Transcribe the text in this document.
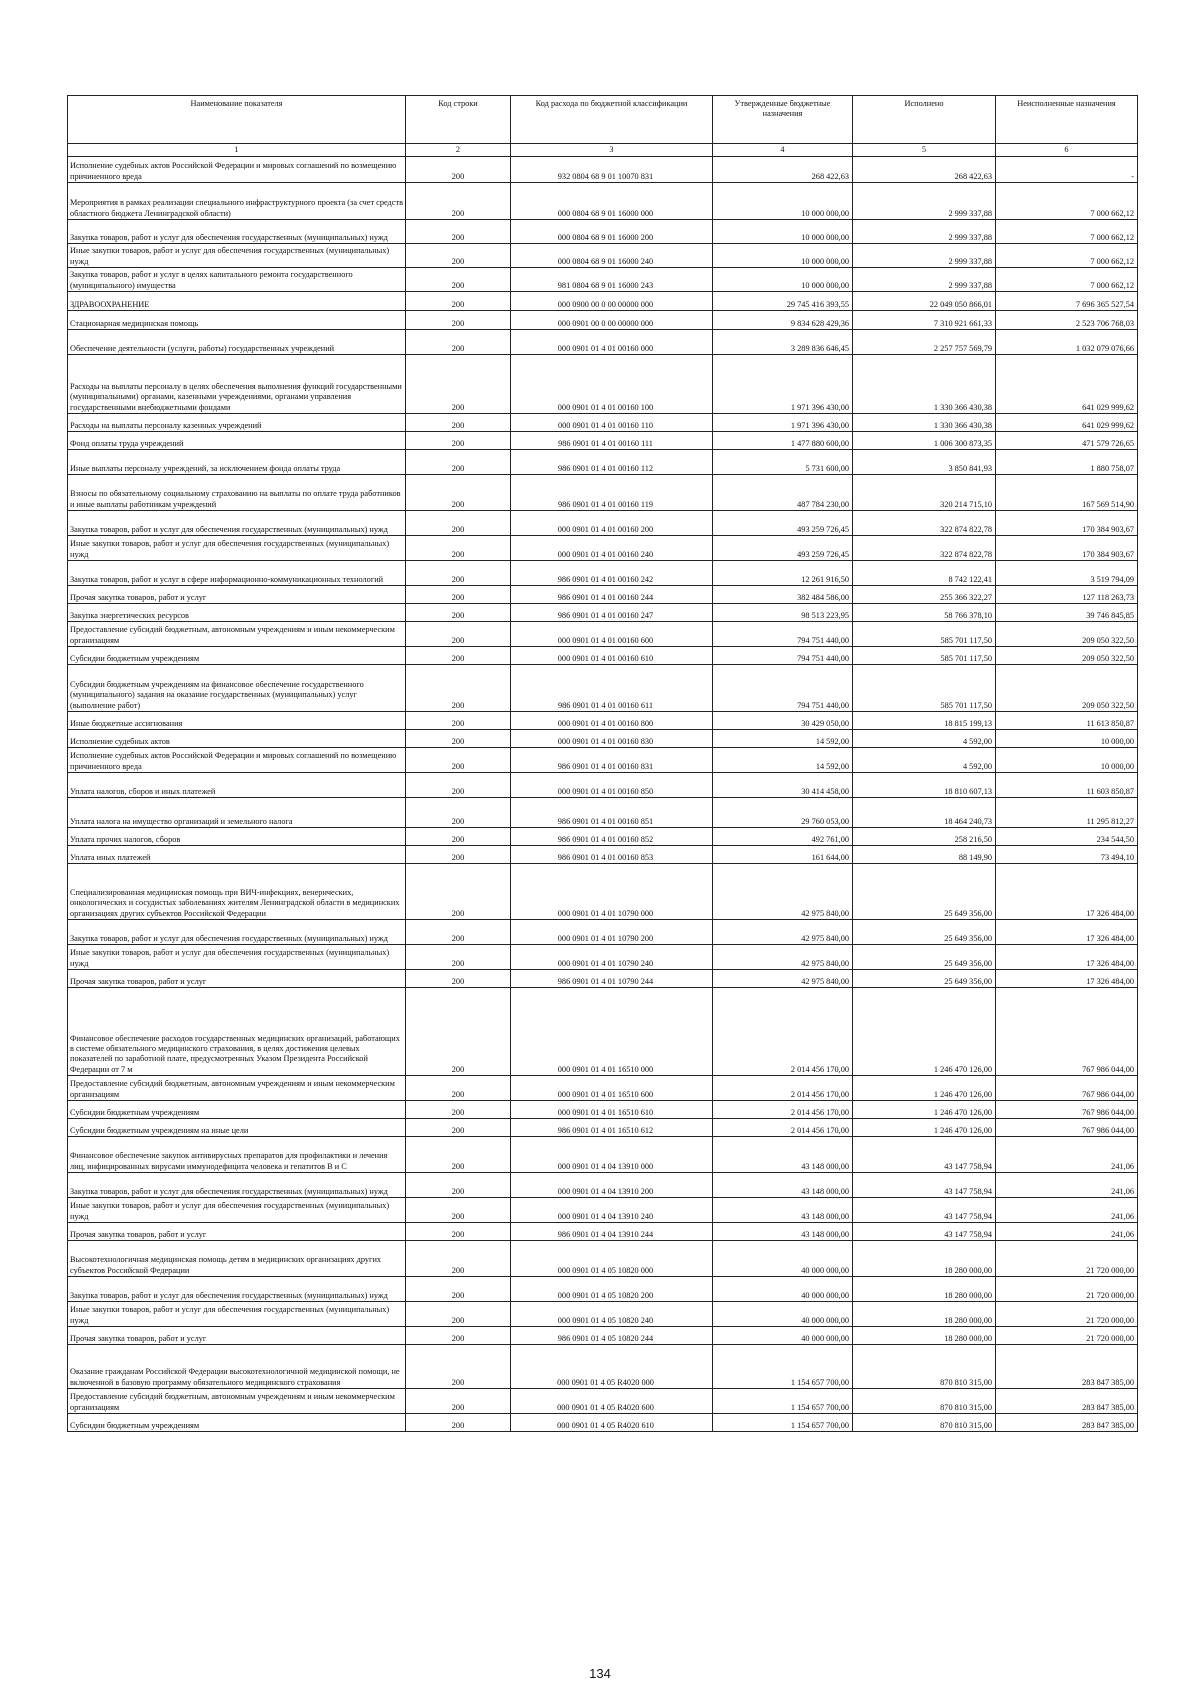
Наименование показателя	Код строки	Код расхода по бюджетной классификации	Утвержденные бюджетные назначения	Исполнено	Неисполненные назначения
1	2	3	4	5	6
Исполнение судебных актов Российской Федерации и мировых соглашений по возмещению причиненного вреда	200	932 0804 68 9 01 10070 831	268 422,63	268 422,63	-
Мероприятия в рамках реализации специального инфраструктурного проекта (за счет средств областного бюджета Ленинградской области)	200	000 0804 68 9 01 16000 000	10 000 000,00	2 999 337,88	7 000 662,12
Закупка товаров, работ и услуг для обеспечения государственных (муниципальных) нужд	200	000 0804 68 9 01 16000 200	10 000 000,00	2 999 337,88	7 000 662,12
Иные закупки товаров, работ и услуг для обеспечения государственных (муниципальных) нужд	200	000 0804 68 9 01 16000 240	10 000 000,00	2 999 337,88	7 000 662,12
Закупка товаров, работ и услуг в целях капитального ремонта государственного (муниципального) имущества	200	981 0804 68 9 01 16000 243	10 000 000,00	2 999 337,88	7 000 662,12
ЗДРАВООХРАНЕНИЕ	200	000 0900 00 0 00 00000 000	29 745 416 393,55	22 049 050 866,01	7 696 365 527,54
Стационарная медицинская помощь	200	000 0901 00 0 00 00000 000	9 834 628 429,36	7 310 921 661,33	2 523 706 768,03
Обеспечение деятельности (услуги, работы) государственных учреждений	200	000 0901 01 4 01 00160 000	3 289 836 646,45	2 257 757 569,79	1 032 079 076,66
Расходы на выплаты персоналу в целях обеспечения выполнения функций государственными (муниципальными) органами, казенными учреждениями, органами управления государственными внебюджетными фондами	200	000 0901 01 4 01 00160 100	1 971 396 430,00	1 330 366 430,38	641 029 999,62
Расходы на выплаты персоналу казенных учреждений	200	000 0901 01 4 01 00160 110	1 971 396 430,00	1 330 366 430,38	641 029 999,62
Фонд оплаты труда учреждений	200	986 0901 01 4 01 00160 111	1 477 880 600,00	1 006 300 873,35	471 579 726,65
Иные выплаты персоналу учреждений, за исключением фонда оплаты труда	200	986 0901 01 4 01 00160 112	5 731 600,00	3 850 841,93	1 880 758,07
Взносы по обязательному социальному страхованию на выплаты по оплате труда работников и иные выплаты работникам учреждений	200	986 0901 01 4 01 00160 119	487 784 230,00	320 214 715,10	167 569 514,90
Закупка товаров, работ и услуг для обеспечения государственных (муниципальных) нужд	200	000 0901 01 4 01 00160 200	493 259 726,45	322 874 822,78	170 384 903,67
Иные закупки товаров, работ и услуг для обеспечения государственных (муниципальных) нужд	200	000 0901 01 4 01 00160 240	493 259 726,45	322 874 822,78	170 384 903,67
Закупка товаров, работ и услуг в сфере информационно-коммуникационных технологий	200	986 0901 01 4 01 00160 242	12 261 916,50	8 742 122,41	3 519 794,09
Прочая закупка товаров, работ и услуг	200	986 0901 01 4 01 00160 244	382 484 586,00	255 366 322,27	127 118 263,73
Закупка энергетических ресурсов	200	986 0901 01 4 01 00160 247	98 513 223,95	58 766 378,10	39 746 845,85
Предоставление субсидий бюджетным, автономным учреждениям и иным некоммерческим организациям	200	000 0901 01 4 01 00160 600	794 751 440,00	585 701 117,50	209 050 322,50
Субсидии бюджетным учреждениям	200	000 0901 01 4 01 00160 610	794 751 440,00	585 701 117,50	209 050 322,50
Субсидии бюджетным учреждениям на финансовое обеспечение государственного (муниципального) задания на оказание государственных (муниципальных) услуг (выполнение работ)	200	986 0901 01 4 01 00160 611	794 751 440,00	585 701 117,50	209 050 322,50
Иные бюджетные ассигнования	200	000 0901 01 4 01 00160 800	30 429 050,00	18 815 199,13	11 613 850,87
Исполнение судебных актов	200	000 0901 01 4 01 00160 830	14 592,00	4 592,00	10 000,00
Исполнение судебных актов Российской Федерации и мировых соглашений по возмещению причиненного вреда	200	986 0901 01 4 01 00160 831	14 592,00	4 592,00	10 000,00
Уплата налогов, сборов и иных платежей	200	000 0901 01 4 01 00160 850	30 414 458,00	18 810 607,13	11 603 850,87
Уплата налога на имущество организаций и земельного налога	200	986 0901 01 4 01 00160 851	29 760 053,00	18 464 240,73	11 295 812,27
Уплата прочих налогов, сборов	200	986 0901 01 4 01 00160 852	492 761,00	258 216,50	234 544,50
Уплата иных платежей	200	986 0901 01 4 01 00160 853	161 644,00	88 149,90	73 494,10
Специализированная медицинская помощь при ВИЧ-инфекциях, венерических, онкологических и сосудистых заболеваниях жителям Ленинградской области в медицинских организациях других субъектов Российской Федерации	200	000 0901 01 4 01 10790 000	42 975 840,00	25 649 356,00	17 326 484,00
Закупка товаров, работ и услуг для обеспечения государственных (муниципальных) нужд	200	000 0901 01 4 01 10790 200	42 975 840,00	25 649 356,00	17 326 484,00
Иные закупки товаров, работ и услуг для обеспечения государственных (муниципальных) нужд	200	000 0901 01 4 01 10790 240	42 975 840,00	25 649 356,00	17 326 484,00
Прочая закупка товаров, работ и услуг	200	986 0901 01 4 01 10790 244	42 975 840,00	25 649 356,00	17 326 484,00
Финансовое обеспечение расходов государственных медицинских организаций, работающих в системе обязательного медицинского страхования, в целях достижения целевых показателей по заработной плате, предусмотренных Указом Президента Российской Федерации от 7 м	200	000 0901 01 4 01 16510 000	2 014 456 170,00	1 246 470 126,00	767 986 044,00
Предоставление субсидий бюджетным, автономным учреждениям и иным некоммерческим организациям	200	000 0901 01 4 01 16510 600	2 014 456 170,00	1 246 470 126,00	767 986 044,00
Субсидии бюджетным учреждениям	200	000 0901 01 4 01 16510 610	2 014 456 170,00	1 246 470 126,00	767 986 044,00
Субсидии бюджетным учреждениям на иные цели	200	986 0901 01 4 01 16510 612	2 014 456 170,00	1 246 470 126,00	767 986 044,00
Финансовое обеспечение закупок антивирусных препаратов для профилактики и лечения лиц, инфицированных вирусами иммунодефицита человека и гепатитов B и C	200	000 0901 01 4 04 13910 000	43 148 000,00	43 147 758,94	241,06
Закупка товаров, работ и услуг для обеспечения государственных (муниципальных) нужд	200	000 0901 01 4 04 13910 200	43 148 000,00	43 147 758,94	241,06
Иные закупки товаров, работ и услуг для обеспечения государственных (муниципальных) нужд	200	000 0901 01 4 04 13910 240	43 148 000,00	43 147 758,94	241,06
Прочая закупка товаров, работ и услуг	200	986 0901 01 4 04 13910 244	43 148 000,00	43 147 758,94	241,06
Высокотехнологичная медицинская помощь детям в медицинских организациях других субъектов Российской Федерации	200	000 0901 01 4 05 10820 000	40 000 000,00	18 280 000,00	21 720 000,00
Закупка товаров, работ и услуг для обеспечения государственных (муниципальных) нужд	200	000 0901 01 4 05 10820 200	40 000 000,00	18 280 000,00	21 720 000,00
Иные закупки товаров, работ и услуг для обеспечения государственных (муниципальных) нужд	200	000 0901 01 4 05 10820 240	40 000 000,00	18 280 000,00	21 720 000,00
Прочая закупка товаров, работ и услуг	200	986 0901 01 4 05 10820 244	40 000 000,00	18 280 000,00	21 720 000,00
Оказание гражданам Российской Федерации высокотехнологичной медицинской помощи, не включенной в базовую программу обязательного медицинского страхования	200	000 0901 01 4 05 R4020 000	1 154 657 700,00	870 810 315,00	283 847 385,00
Предоставление субсидий бюджетным, автономным учреждениям и иным некоммерческим организациям	200	000 0901 01 4 05 R4020 600	1 154 657 700,00	870 810 315,00	283 847 385,00
Субсидии бюджетным учреждениям	200	000 0901 01 4 05 R4020 610	1 154 657 700,00	870 810 315,00	283 847 385,00
134
